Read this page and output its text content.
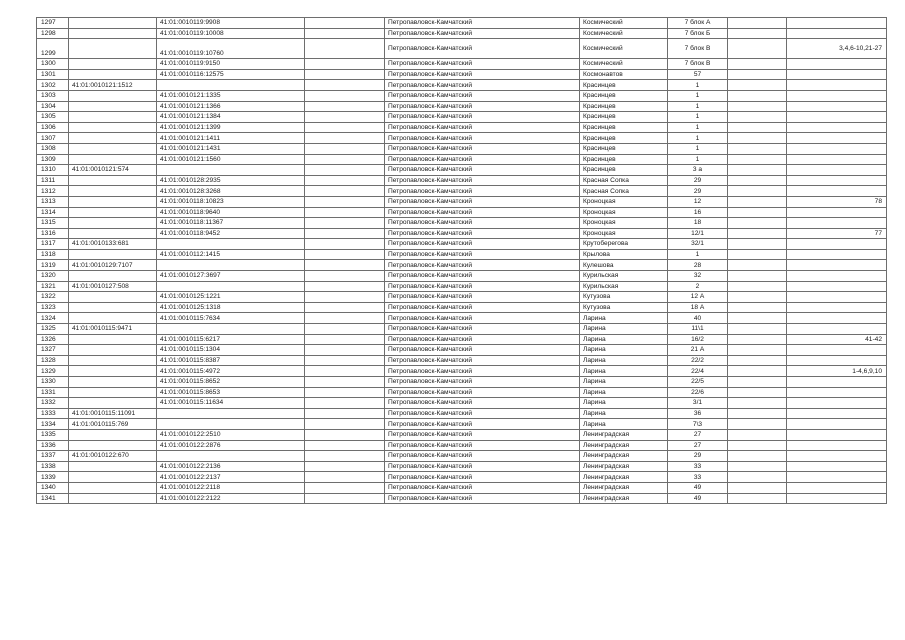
1297		41:01:0010119:9908		Петропавловск-Камчатский	Космический	7 блок А		
1298		41:01:0010119:10008		Петропавловск-Камчатский	Космический	7 блок Б		
1299		41:01:0010119:10760		Петропавловск-Камчатский	Космический	7 блок В		3,4,6-10,21-27
1300		41:01:0010119:9150		Петропавловск-Камчатский	Космический	7 блок В		
1301		41:01:0010116:12575		Петропавловск-Камчатский	Космонавтов	57		
1302	41:01:0010121:1512			Петропавловск-Камчатский	Красинцев	1		
1303		41:01:0010121:1335		Петропавловск-Камчатский	Красинцев	1		
1304		41:01:0010121:1366		Петропавловск-Камчатский	Красинцев	1		
1305		41:01:0010121:1384		Петропавловск-Камчатский	Красинцев	1		
1306		41:01:0010121:1399		Петропавловск-Камчатский	Красинцев	1		
1307		41:01:0010121:1411		Петропавловск-Камчатский	Красинцев	1		
1308		41:01:0010121:1431		Петропавловск-Камчатский	Красинцев	1		
1309		41:01:0010121:1560		Петропавловск-Камчатский	Красинцев	1		
1310	41:01:0010121:574			Петропавловск-Камчатский	Красинцев	3 а		
1311		41:01:0010128:2935		Петропавловск-Камчатский	Красная Сопка	29		
1312		41:01:0010128:3268		Петропавловск-Камчатский	Красная Сопка	29		
1313		41:01:0010118:10823		Петропавловск-Камчатский	Кроноцкая	12		78
1314		41:01:0010118:9640		Петропавловск-Камчатский	Кроноцкая	16		
1315		41:01:0010118:11367		Петропавловск-Камчатский	Кроноцкая	18		
1316		41:01:0010118:9452		Петропавловск-Камчатский	Кроноцкая	12/1		77
1317	41:01:0010133:681			Петропавловск-Камчатский	Крутоберегова	32/1		
1318		41:01:0010112:1415		Петропавловск-Камчатский	Крылова	1		
1319	41:01:0010129:7107			Петропавловск-Камчатский	Кулешова	28		
1320		41:01:0010127:3697		Петропавловск-Камчатский	Курильская	32		
1321	41:01:0010127:508			Петропавловск-Камчатский	Курильская	2		
1322		41:01:0010125:1221		Петропавловск-Камчатский	Кутузова	12 А		
1323		41:01:0010125:1318		Петропавловск-Камчатский	Кутузова	18 А		
1324		41:01:0010115:7634		Петропавловск-Камчатский	Ларина	40		
1325	41:01:0010115:9471			Петропавловск-Камчатский	Ларина	11\1		
1326		41:01:0010115:6217		Петропавловск-Камчатский	Ларина	16/2		41-42
1327		41:01:0010115:1304		Петропавловск-Камчатский	Ларина	21 А		
1328		41:01:0010115:8387		Петропавловск-Камчатский	Ларина	22/2		
1329		41:01:0010115:4972		Петропавловск-Камчатский	Ларина	22/4		1-4,6,9,10
1330		41:01:0010115:8652		Петропавловск-Камчатский	Ларина	22/5		
1331		41:01:0010115:8653		Петропавловск-Камчатский	Ларина	22/6		
1332		41:01:0010115:11634		Петропавловск-Камчатский	Ларина	3/1		
1333	41:01:0010115:11091			Петропавловск-Камчатский	Ларина	36		
1334	41:01:0010115:769			Петропавловск-Камчатский	Ларина	7\3		
1335		41:01:0010122:2510		Петропавловск-Камчатский	Ленинградская	27		
1336		41:01:0010122:2876		Петропавловск-Камчатский	Ленинградская	27		
1337	41:01:0010122:670			Петропавловск-Камчатский	Ленинградская	29		
1338		41:01:0010122:2136		Петропавловск-Камчатский	Ленинградская	33		
1339		41:01:0010122:2137		Петропавловск-Камчатский	Ленинградская	33		
1340		41:01:0010122:2118		Петропавловск-Камчатский	Ленинградская	49		
1341		41:01:0010122:2122		Петропавловск-Камчатский	Ленинградская	49		
